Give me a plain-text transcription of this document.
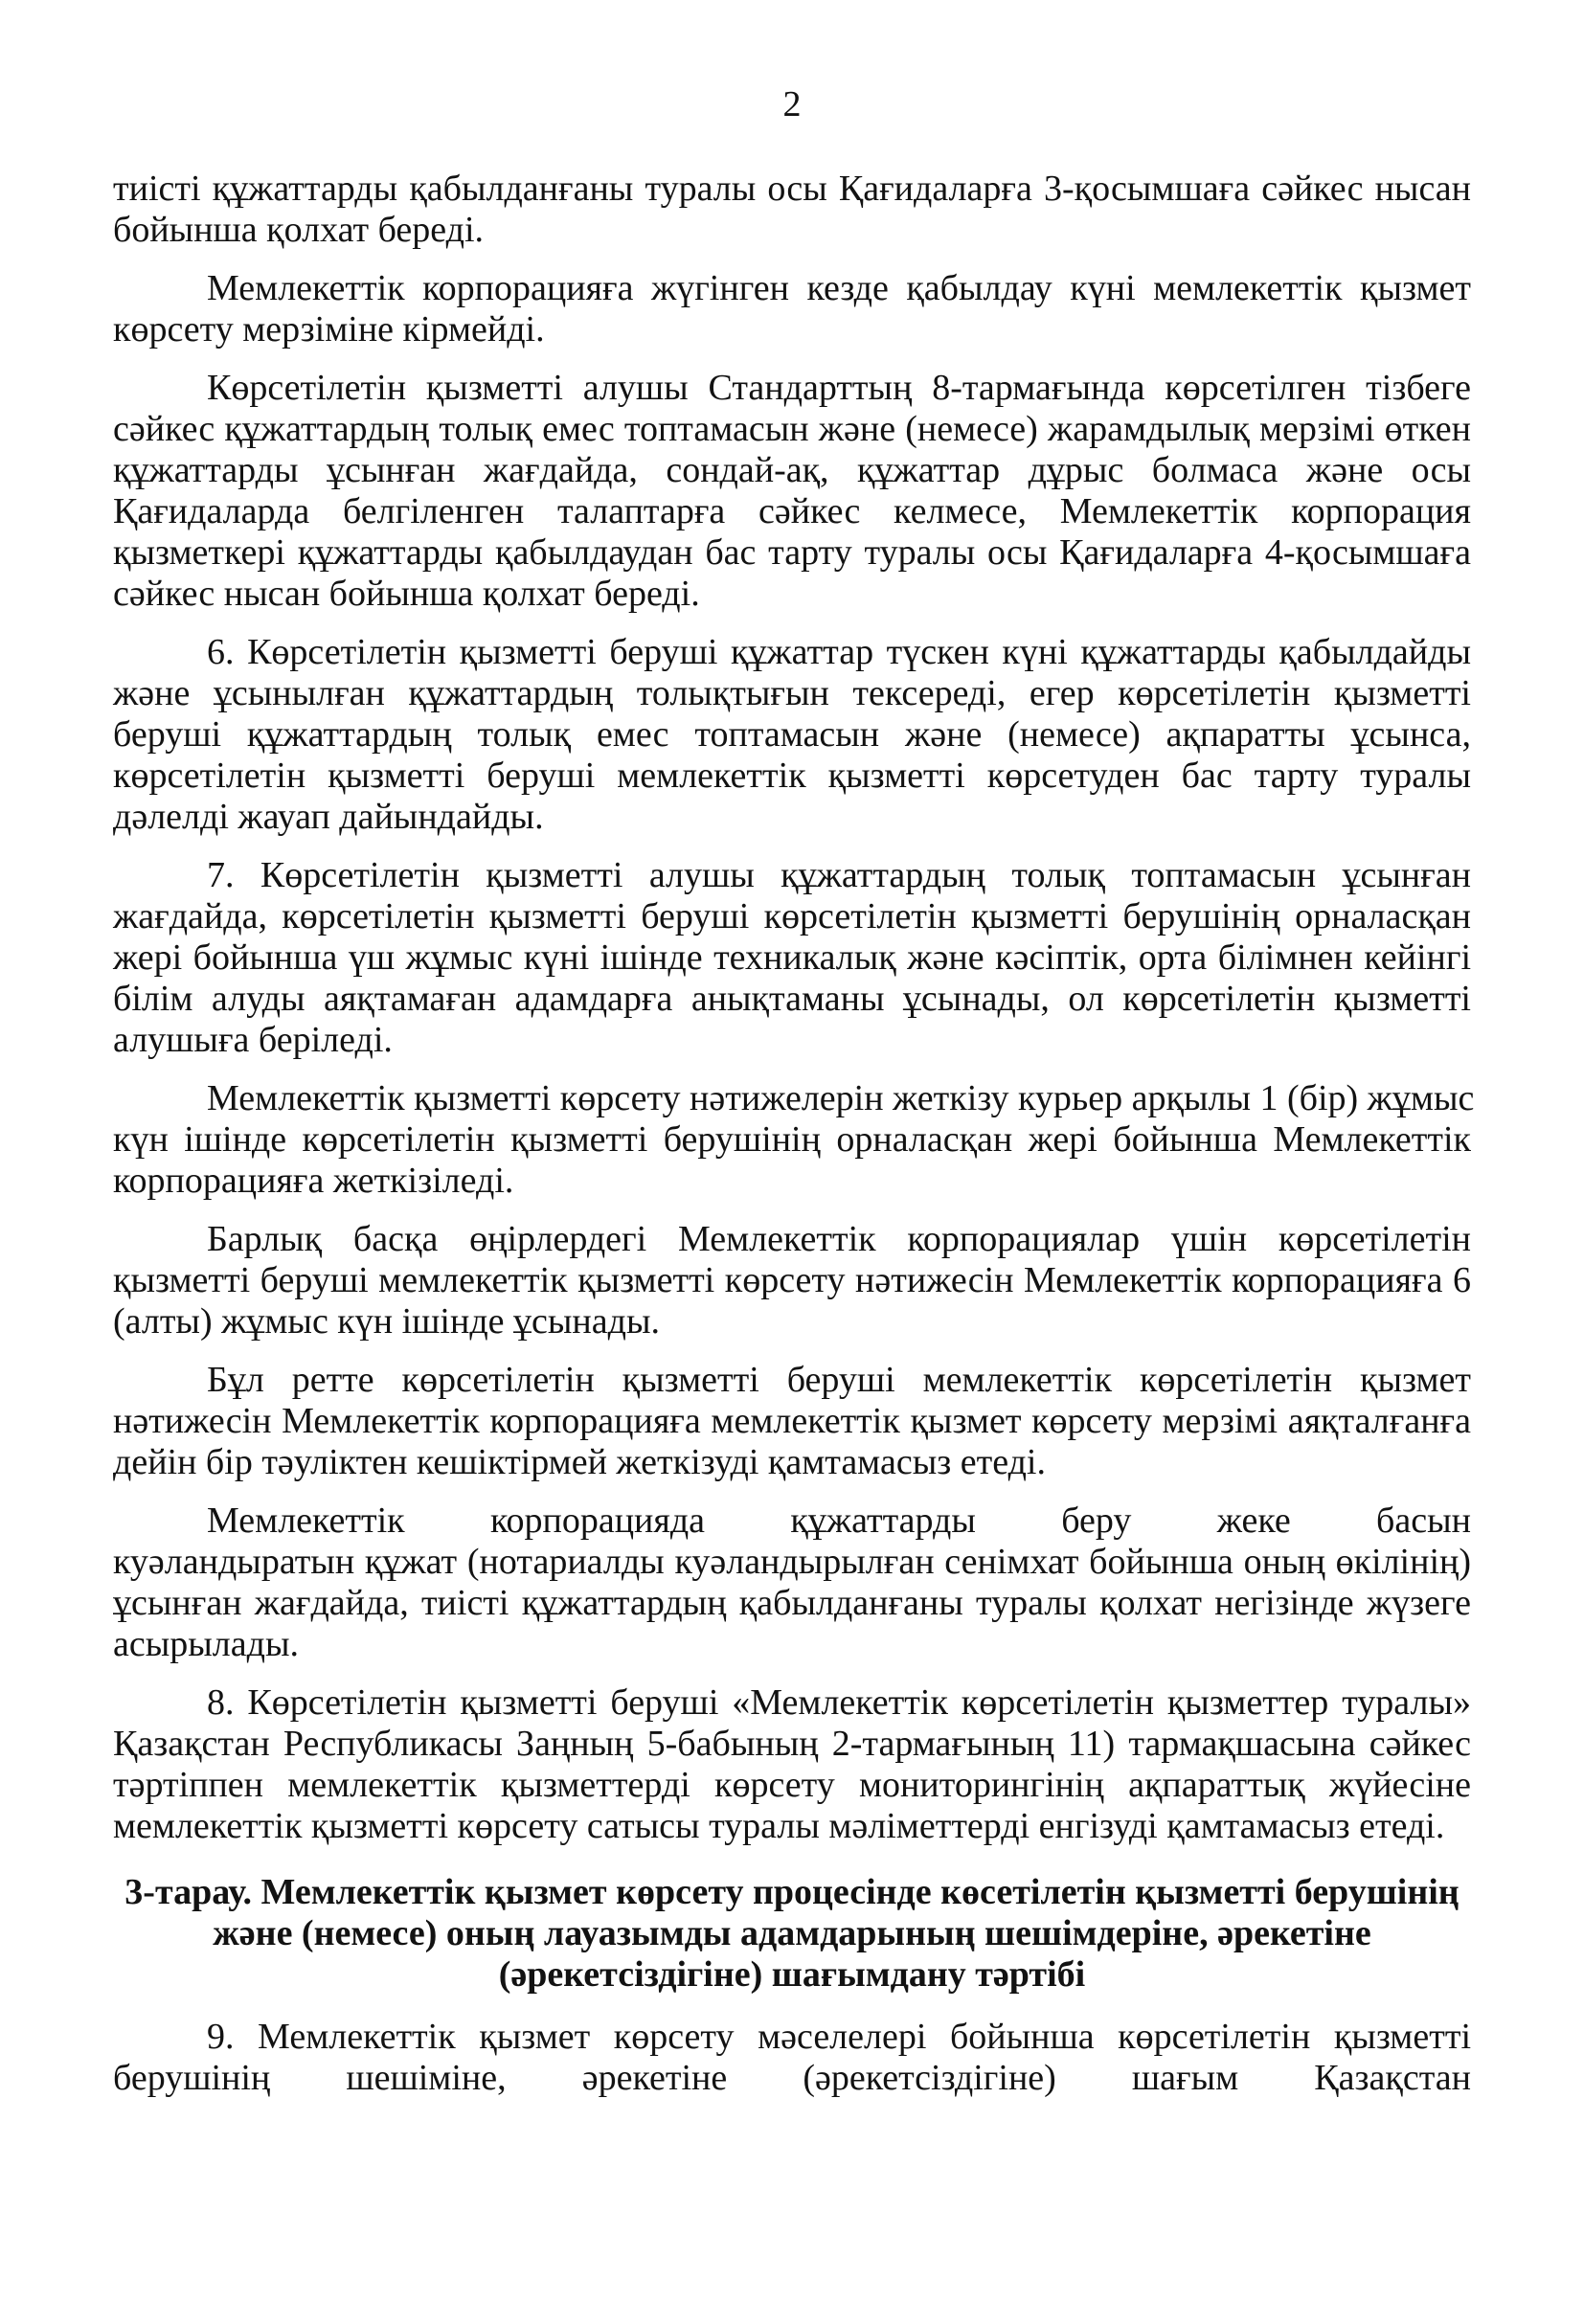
2
тиісті құжаттарды қабылданғаны туралы осы Қағидаларға 3-қосымшаға сәйкес нысан
бойынша қолхат береді.
Мемлекеттік корпорацияға жүгінген кезде қабылдау күні мемлекеттік қызмет
көрсету мерзіміне кірмейді.
Көрсетілетін қызметті алушы Стандарттың 8-тармағында көрсетілген тізбеге
сәйкес құжаттардың толық емес топтамасын және (немесе) жарамдылық мерзімі өткен
құжаттарды ұсынған жағдайда, сондай-ақ, құжаттар дұрыс болмаса және осы
Қағидаларда белгіленген талаптарға сәйкес келмесе, Мемлекеттік корпорация
қызметкері құжаттарды қабылдаудан бас тарту туралы осы Қағидаларға 4-қосымшаға
сәйкес нысан бойынша қолхат береді.
6. Көрсетілетін қызметті беруші құжаттар түскен күні құжаттарды қабылдайды
және ұсынылған құжаттардың толықтығын тексереді, егер көрсетілетін қызметті
беруші құжаттардың толық емес топтамасын және (немесе) ақпаратты ұсынса,
көрсетілетін қызметті беруші мемлекеттік қызметті көрсетуден бас тарту туралы
дәлелді жауап дайындайды.
7. Көрсетілетін қызметті алушы құжаттардың толық топтамасын ұсынған
жағдайда, көрсетілетін қызметті беруші көрсетілетін қызметті берушінің орналасқан
жері бойынша үш жұмыс күні ішінде техникалық және кәсіптік, орта білімнен кейінгі
білім алуды аяқтамаған адамдарға анықтаманы ұсынады, ол көрсетілетін қызметті
алушыға беріледі.
Мемлекеттік қызметті көрсету нәтижелерін жеткізу курьер арқылы 1 (бір) жұмыс
күн ішінде көрсетілетін қызметті берушінің орналасқан жері бойынша Мемлекеттік
корпорацияға жеткізіледі.
Барлық басқа өңірлердегі Мемлекеттік корпорациялар үшін көрсетілетін
қызметті беруші мемлекеттік қызметті көрсету нәтижесін Мемлекеттік корпорацияға 6
(алты) жұмыс күн ішінде ұсынады.
Бұл ретте көрсетілетін қызметті беруші мемлекеттік көрсетілетін қызмет
нәтижесін Мемлекеттік корпорацияға мемлекеттік қызмет көрсету мерзімі аяқталғанға
дейін бір тәуліктен кешіктірмей жеткізуді қамтамасыз етеді.
Мемлекеттік корпорацияда құжаттарды беру жеке басын
куәландыратын құжат (нотариалды куәландырылған сенімхат бойынша оның өкілінің)
ұсынған жағдайда, тиісті құжаттардың қабылданғаны туралы қолхат негізінде жүзеге
асырылады.
8. Көрсетілетін қызметті беруші «Мемлекеттік көрсетілетін қызметтер туралы»
Қазақстан Республикасы Заңның 5-бабының 2-тармағының 11) тармақшасына сәйкес
тәртіппен мемлекеттік қызметтерді көрсету мониторингінің ақпараттық жүйесіне
мемлекеттік қызметті көрсету сатысы туралы мәліметтерді енгізуді қамтамасыз етеді.
3-тарау. Мемлекеттік қызмет көрсету процесінде көсетілетін қызметті берушінің
және (немесе) оның лауазымды адамдарының шешімдеріне, әрекетіне
(әрекетсіздігіне) шағымдану тәртібі
9. Мемлекеттік қызмет көрсету мәселелері бойынша көрсетілетін қызметті
берушінің шешіміне, әрекетіне (әрекетсіздігіне) шағым Қазақстан
